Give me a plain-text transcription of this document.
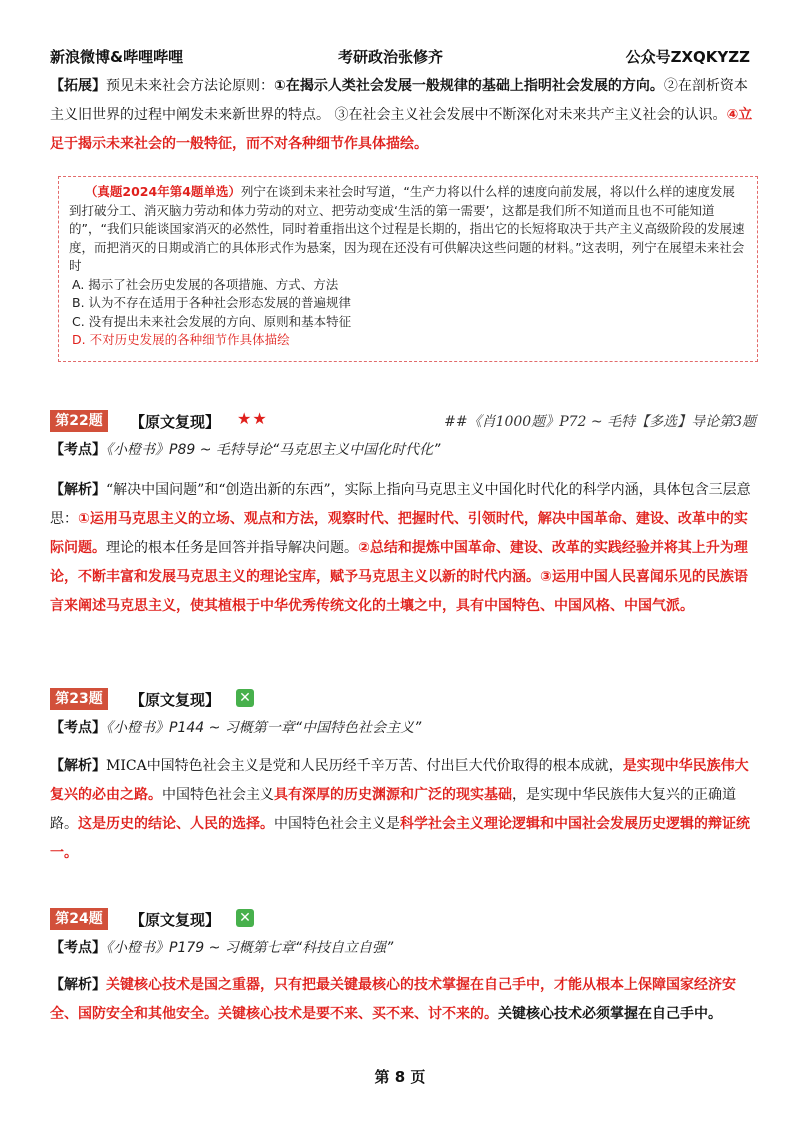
新浪微博&哔哩哔哩	考研政治张修齐	公众号ZXQKYZZ
【拓展】预见未来社会方法论原则：①在揭示人类社会发展一般规律的基础上指明社会发展的方向。②在剖析资本主义旧世界的过程中阐发未来新世界的特点。 ③在社会主义社会发展中不断深化对未来共产主义社会的认识。④立足于揭示未来社会的一般特征，而不对各种细节作具体描绘。
（真题2024年第4题单选）列宁在谈到未来社会时写道，“生产力将以什么样的速度向前发展，将以什么样的速度发展到打破分工、消灭脑力劳动和体力劳动的对立、把劳动变成‘生活的第一需要’，这都是我们所不知道而且也不可能知道的”，“我们只能谈国家消灭的必然性，同时着重指出这个过程是长期的，指出它的长短将取决于共产主义高级阶段的发展速度，而把消灭的日期或消亡的具体形式作为悬案，因为现在还没有可供解决这些问题的材料。”这表明，列宁在展望未来社会时
A. 揭示了社会历史发展的各项措施、方式、方法
B. 认为不存在适用于各种社会形态发展的普遍规律
C. 没有提出未来社会发展的方向、原则和基本特征
D. 不对历史发展的各种细节作具体描绘
第22题	【原文复现】 ★★	##《肖1000题》P72 ~ 毛特【多选】导论第3题
【考点】《小橙书》P89 ~ 毛特导论“马克思主义中国化时代化”
【解析】“解决中国问题”和“创造出新的东西”，实际上指向马克思主义中国化时代化的科学内涵，具体包含三层意思：①运用马克思主义的立场、观点和方法，观察时代、把握时代、引领时代，解决中国革命、建设、改革中的实际问题。理论的根本任务是回答并指导解决问题。②总结和提炼中国革命、建设、改革的实践经验并将其上升为理论，不断丰富和发展马克思主义的理论宝库，赋予马克思主义以新的时代内涵。③运用中国人民喜闻乐见的民族语言来阐述马克思主义，使其植根于中华优秀传统文化的土壤之中，具有中国特色、中国风格、中国气派。
第23题	【原文复现】 ✕
【考点】《小橙书》P144 ~ 习概第一章“中国特色社会主义”
【解析】MICA中国特色社会主义是党和人民历经千辛万苦、付出巨大代价取得的根本成就，是实现中华民族伟大复兴的必由之路。中国特色社会主义具有深厚的历史渊源和广泛的现实基础，是实现中华民族伟大复兴的正确道路。这是历史的结论、人民的选择。中国特色社会主义是科学社会主义理论逻辑和中国社会发展历史逻辑的辩证统一。
第24题	【原文复现】 ✕
【考点】《小橙书》P179 ~ 习概第七章“科技自立自强”
【解析】关键核心技术是国之重器，只有把最关键最核心的技术掌握在自己手中，才能从根本上保障国家经济安全、国防安全和其他安全。关键核心技术是要不来、买不来、讨不来的。关键核心技术必须掌握在自己手中。
第 8 页
